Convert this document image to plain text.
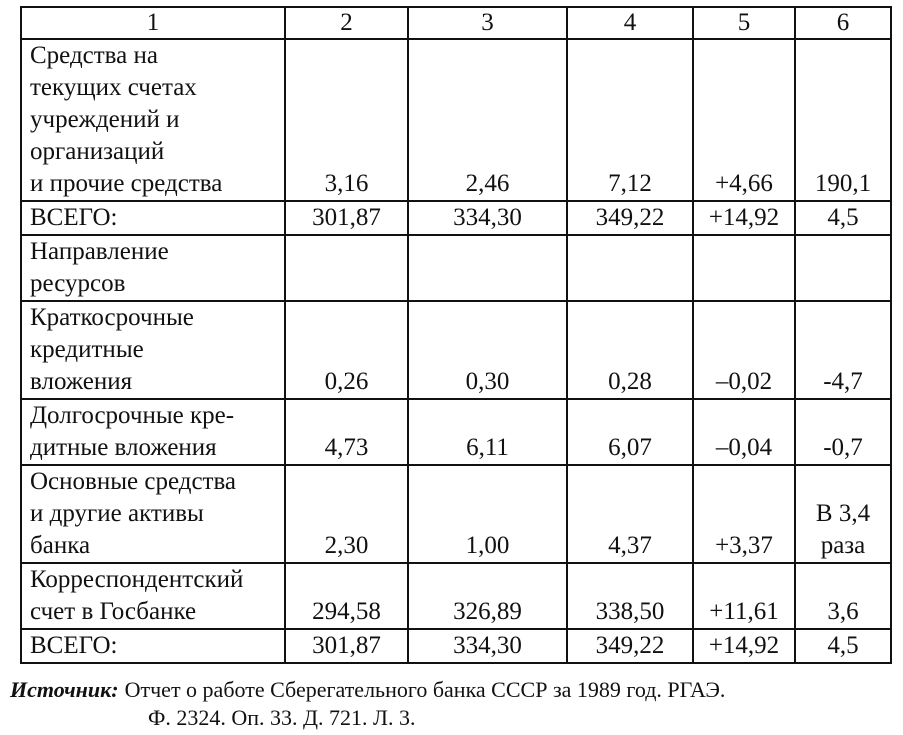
1	2	3	4	5	6
Средства на
текущих счетах
учреждений и
организаций
и прочие средства	3,16	2,46	7,12	+4,66	190,1
ВСЕГО:	301,87	334,30	349,22	+14,92	4,5
Направление
ресурсов					
Краткосрочные
кредитные
вложения	0,26	0,30	0,28	–0,02	-4,7
Долгосрочные кре-
дитные вложения	4,73	6,11	6,07	–0,04	-0,7
Основные средства
и другие активы
банка	2,30	1,00	4,37	+3,37	В 3,4
раза
Корреспондентский
счет в Госбанке	294,58	326,89	338,50	+11,61	3,6
ВСЕГО:	301,87	334,30	349,22	+14,92	4,5
Источник: Отчет о работе Сберегательного банка СССР за 1989 год. РГАЭ.
Ф. 2324. Оп. 33. Д. 721. Л. 3.
